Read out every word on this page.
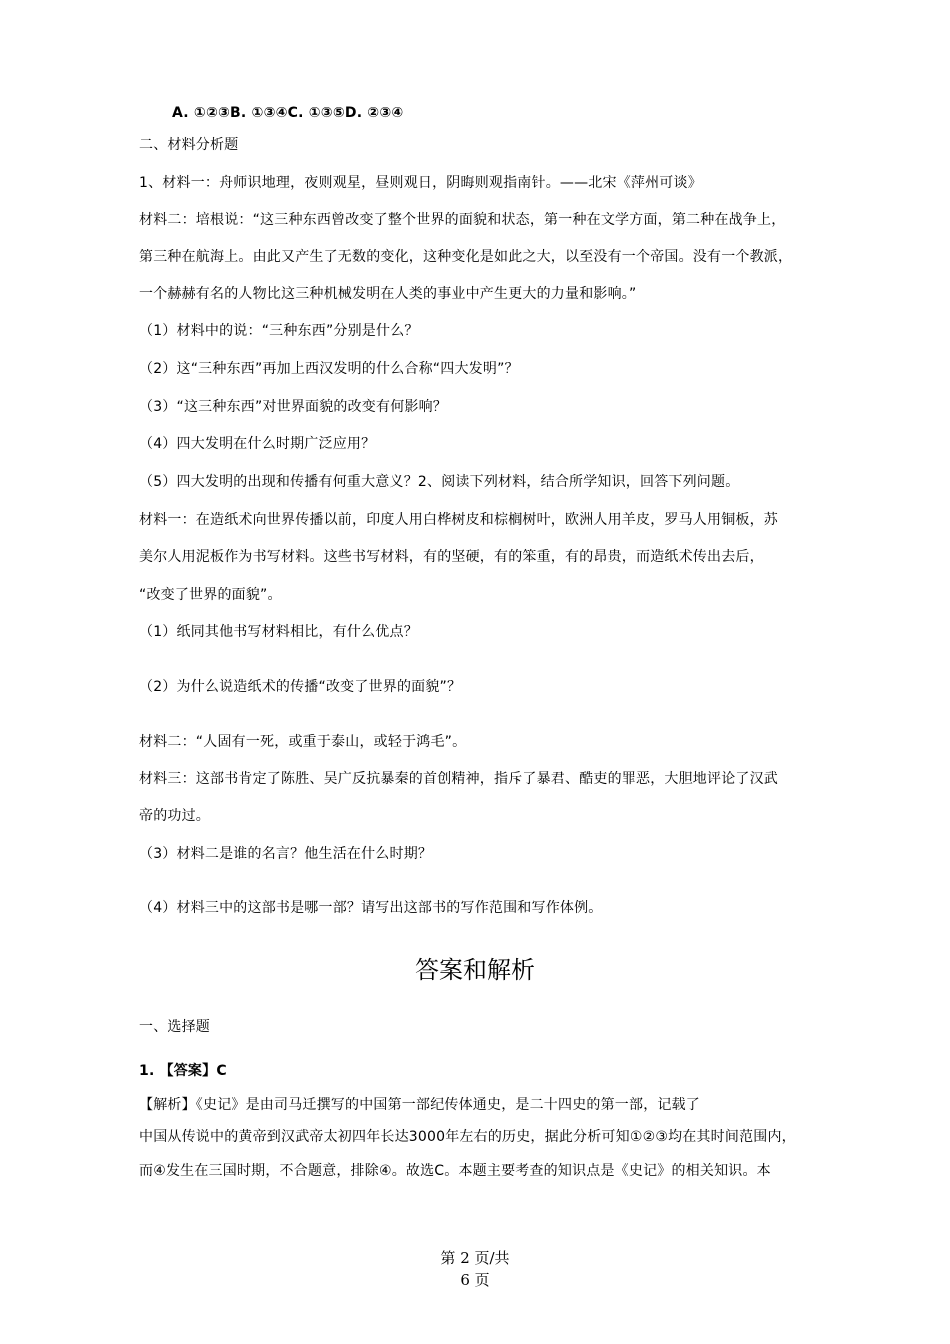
A. ①②③B. ①③④C. ①③⑤D. ②③④
二、材料分析题
1、材料一：舟师识地理，夜则观星，昼则观日，阴晦则观指南针。——北宋《萍州可谈》
材料二：培根说：“这三种东西曾改变了整个世界的面貌和状态，第一种在文学方面，第二种在战争上，
第三种在航海上。由此又产生了无数的变化，这种变化是如此之大，以至没有一个帝国。没有一个教派，
一个赫赫有名的人物比这三种机械发明在人类的事业中产生更大的力量和影响。”
（1）材料中的说：“三种东西”分别是什么？
（2）这“三种东西”再加上西汉发明的什么合称“四大发明”？
（3）“这三种东西”对世界面貌的改变有何影响？
（4）四大发明在什么时期广泛应用？
（5）四大发明的出现和传播有何重大意义？2、阅读下列材料，结合所学知识，回答下列问题。
材料一：在造纸术向世界传播以前，印度人用白桦树皮和棕榈树叶，欧洲人用羊皮，罗马人用铜板，苏
美尔人用泥板作为书写材料。这些书写材料，有的坚硬，有的笨重，有的昂贵，而造纸术传出去后，
“改变了世界的面貌”。
（1）纸同其他书写材料相比，有什么优点？
（2）为什么说造纸术的传播“改变了世界的面貌”？
材料二：“人固有一死，或重于泰山，或轻于鸿毛”。
材料三：这部书肯定了陈胜、吴广反抗暴秦的首创精神，指斥了暴君、酷吏的罪恶，大胆地评论了汉武
帝的功过。
（3）材料二是谁的名言？他生活在什么时期？
（4）材料三中的这部书是哪一部？请写出这部书的写作范围和写作体例。
答案和解析
一、选择题
1. 【答案】C
【解析】《史记》是由司马迁撰写的中国第一部纪传体通史，是二十四史的第一部，记载了
中国从传说中的黄帝到汉武帝太初四年长达3000年左右的历史，据此分析可知①②③均在其时间范围内，
而④发生在三国时期，不合题意，排除④。故选C。本题主要考查的知识点是《史记》的相关知识。本
第 2 页/共
6 页
